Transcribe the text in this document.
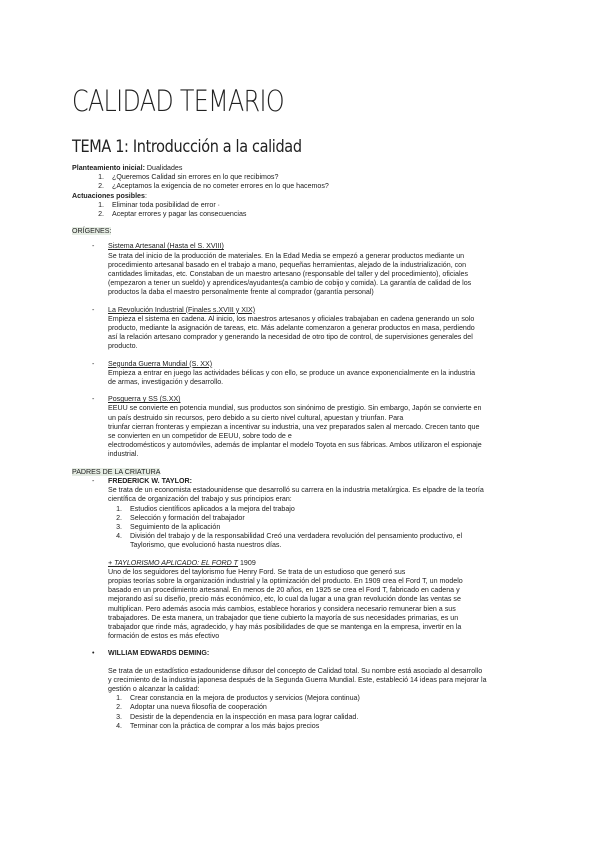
CALIDAD TEMARIO
TEMA 1: Introducción a la calidad
Planteamiento inicial: Dualidades
1.	¿Queremos Calidad sin errores en lo que recibimos?
2.	¿Aceptamos la exigencia de no cometer errores en lo que hacemos?
Actuaciones posibles:
1.	Eliminar toda posibilidad de error ·
2.	Aceptar errores y pagar las consecuencias
ORÍGENES:
-	Sistema Artesanal (Hasta el S. XVIII)
Se trata del inicio de la producción de materiales. En la Edad Media se empezó a generar productos mediante un
procedimiento artesanal basado en el trabajo a mano, pequeñas herramientas, alejado de la industrialización, con
cantidades limitadas, etc. Constaban de un maestro artesano (responsable del taller y del procedimiento), oficiales
(empezaron a tener un sueldo) y aprendices/ayudantes(a cambio de cobijo y comida). La garantía de calidad de los
productos la daba el maestro personalmente frente al comprador (garantía personal)
-	La Revolución Industrial (Finales s.XVIII y XIX)
Empieza el sistema en cadena. Al inicio, los maestros artesanos y oficiales trabajaban en cadena generando un solo
producto, mediante la asignación de tareas, etc. Más adelante comenzaron a generar productos en masa, perdiendo
así la relación artesano comprador y generando la necesidad de otro tipo de control, de supervisiones generales del
producto.
-	Segunda Guerra Mundial (S. XX)
Empieza a entrar en juego las actividades bélicas y con ello, se produce un avance exponencialmente en la industria
de armas, investigación y desarrollo.
-	Posguerra y SS (S.XX)
EEUU se convierte en potencia mundial, sus productos son sinónimo de prestigio. Sin embargo, Japón se convierte en
un país destruido sin recursos, pero debido a su cierto nivel cultural, apuestan y triunfan. Para
triunfar cierran fronteras y empiezan a incentivar su industria, una vez preparados salen al mercado. Crecen tanto que
se convierten en un competidor de EEUU, sobre todo de e
electrodomésticos y automóviles, además de implantar el modelo Toyota en sus fábricas. Ambos utilizaron el espionaje
industrial.
PADRES DE LA CRIATURA
-	FREDERICK W. TAYLOR:
Se trata de un economista estadounidense que desarrolló su carrera en la industria metalúrgica. Es elpadre de la teoría
científica de organización del trabajo y sus principios eran:
1.	Estudios científicos aplicados a la mejora del trabajo
2.	Selección y formación del trabajador
3.	Seguimiento de la aplicación
4.	División del trabajo y de la responsabilidad Creó una verdadera revolución del pensamiento productivo, el
Taylorismo, que evolucionó hasta nuestros días.
+ TAYLORISMO APLICADO: EL FORD T 1909
Uno de los seguidores del taylorismo fue Henry Ford. Se trata de un estudioso que generó sus
propias teorías sobre la organización industrial y la optimización del producto. En 1909 crea el Ford T, un modelo
basado en un procedimiento artesanal. En menos de 20 años, en 1925 se crea el Ford T, fabricado en cadena y
mejorando así su diseño, precio más económico, etc, lo cual da lugar a una gran revolución donde las ventas se
multiplican. Pero además asocia más cambios, establece horarios y considera necesario remunerar bien a sus
trabajadores. De esta manera, un trabajador que tiene cubierto la mayoría de sus necesidades primarias, es un
trabajador que rinde más, agradecido, y hay más posibilidades de que se mantenga en la empresa, invertir en la
formación de estos es más efectivo
•	WILLIAM EDWARDS DEMING:
Se trata de un estadístico estadounidense difusor del concepto de Calidad total. Su nombre está asociado al desarrollo
y crecimiento de la industria japonesa después de la Segunda Guerra Mundial. Este, estableció 14 ideas para mejorar la
gestión o alcanzar la calidad:
1.	Crear constancia en la mejora de productos y servicios (Mejora continua)
2.	Adoptar una nueva filosofía de cooperación
3.	Desistir de la dependencia en la inspección en masa para lograr calidad.
4.	Terminar con la práctica de comprar a los más bajos precios
